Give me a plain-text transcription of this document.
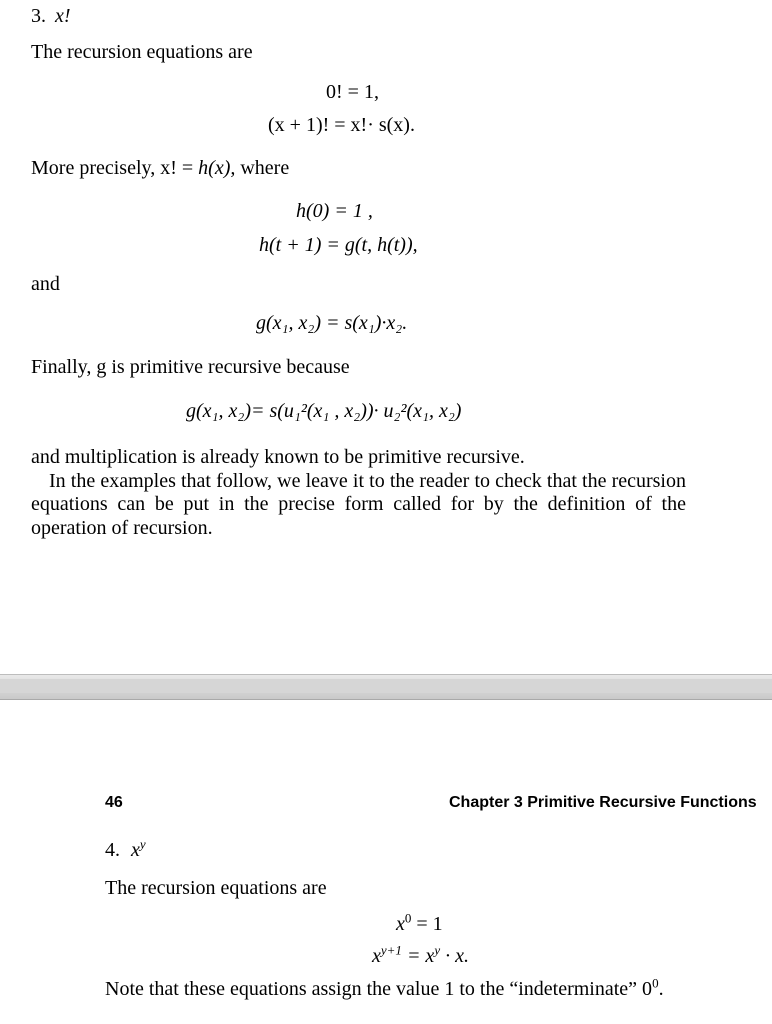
3. x!
The recursion equations are
0! = 1,
(x + 1)! = x!· s(x).
More precisely, x! = h(x), where
h(0) = 1 ,
h(t + 1) = g(t, h(t)),
and
g(x₁, x₂) = s(x₁)·x₂.
Finally, g is primitive recursive because
g(x₁, x₂)= s(u₁²(x₁ , x₂))· u₂²(x₁, x₂)
and multiplication is already known to be primitive recursive.
In the examples that follow, we leave it to the reader to check that the recursion equations can be put in the precise form called for by the definition of the operation of recursion.
46	Chapter 3 Primitive Recursive Functions
4. $x^y$
The recursion equations are
$x^0 = 1$
$x^{y+1} = x^y \cdot x$.
Note that these equations assign the value 1 to the “indeterminate” $0^0$.
